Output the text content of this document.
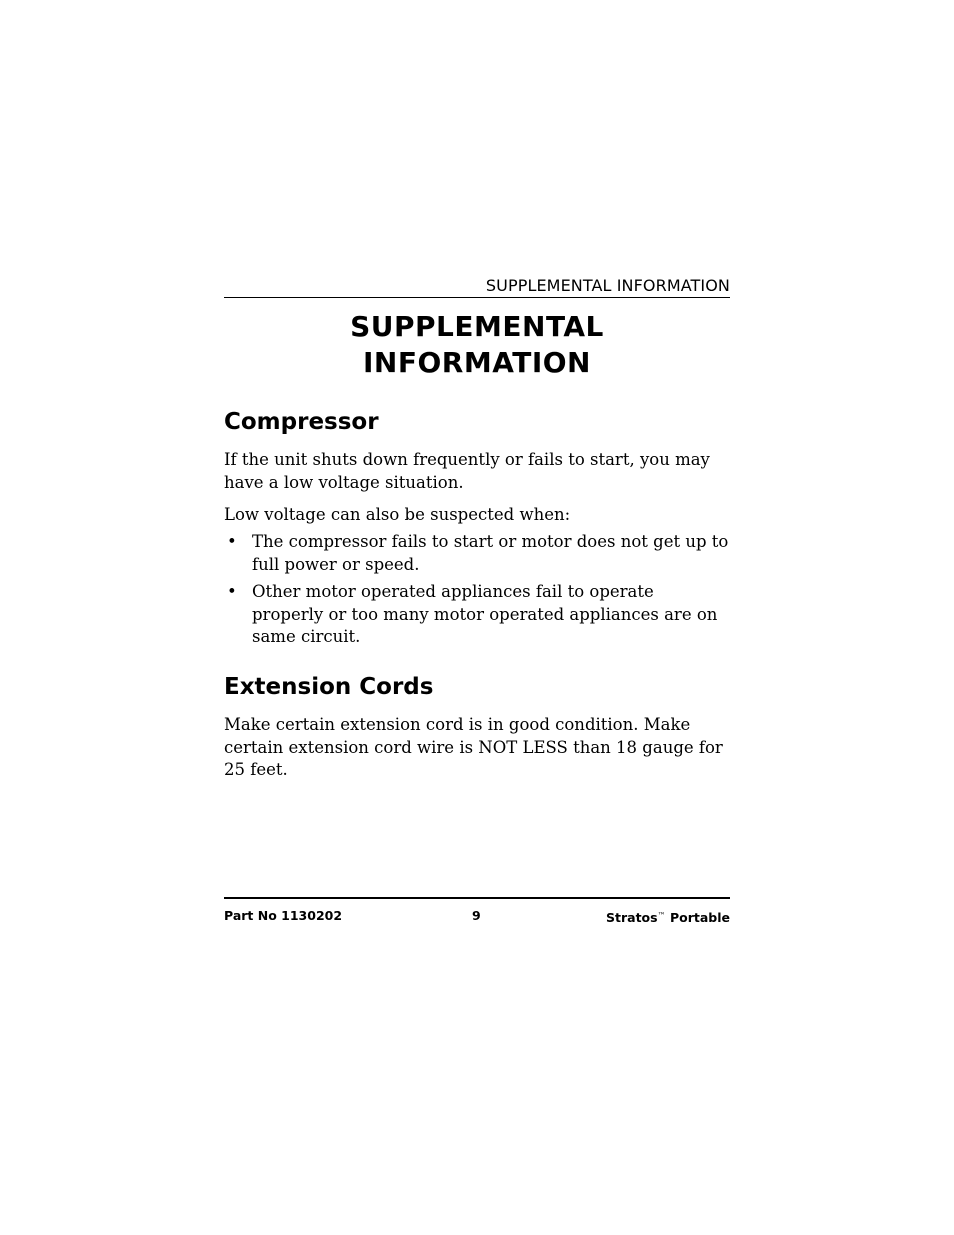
SUPPLEMENTAL INFORMATION
SUPPLEMENTAL
INFORMATION
Compressor

If the unit shuts down frequently or fails to start, you may have a low voltage situation.

Low voltage can also be suspected when:

• The compressor fails to start or motor does not get up to full power or speed.
• Other motor operated appliances fail to operate properly or too many motor operated appliances are on same circuit.
Extension Cords

Make certain extension cord is in good condition. Make certain extension cord wire is NOT LESS than 18 gauge for 25 feet.

Part No 1130202	9	Stratos™ Portable
